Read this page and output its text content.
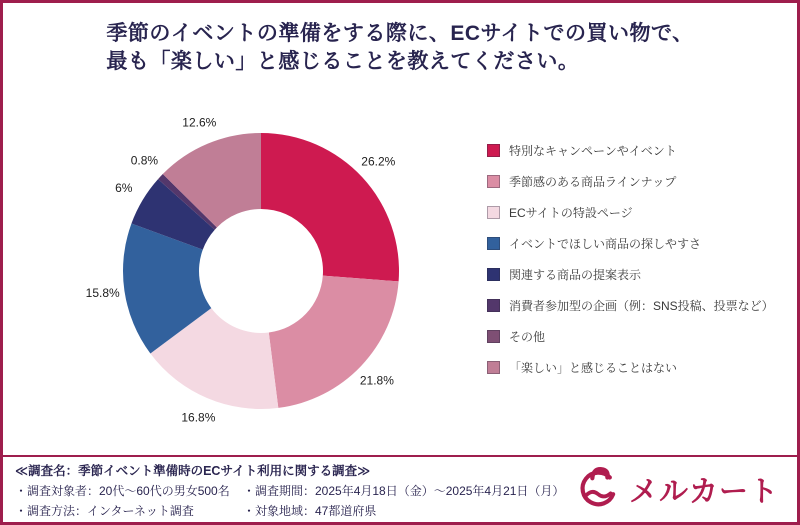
季節のイベントの準備をする際に、ECサイトでの買い物で、
最も「楽しい」と感じることを教えてください。
26.2%
21.8%
16.8%
15.8%
6%
0.8%
12.6%
特別なキャンペーンやイベント
季節感のある商品ラインナップ
ECサイトの特設ページ
イベントでほしい商品の探しやすさ
関連する商品の提案表示
消費者参加型の企画（例：SNS投稿、投票など）
その他
「楽しい」と感じることはない
≪調査名：季節イベント準備時のECサイト利用に関する調査≫
・調査対象者：20代～60代の男女500名	・調査期間：2025年4月18日（金）～2025年4月21日（月）
・調査方法：インターネット調査	・対象地域：47都道府県
メルカート
